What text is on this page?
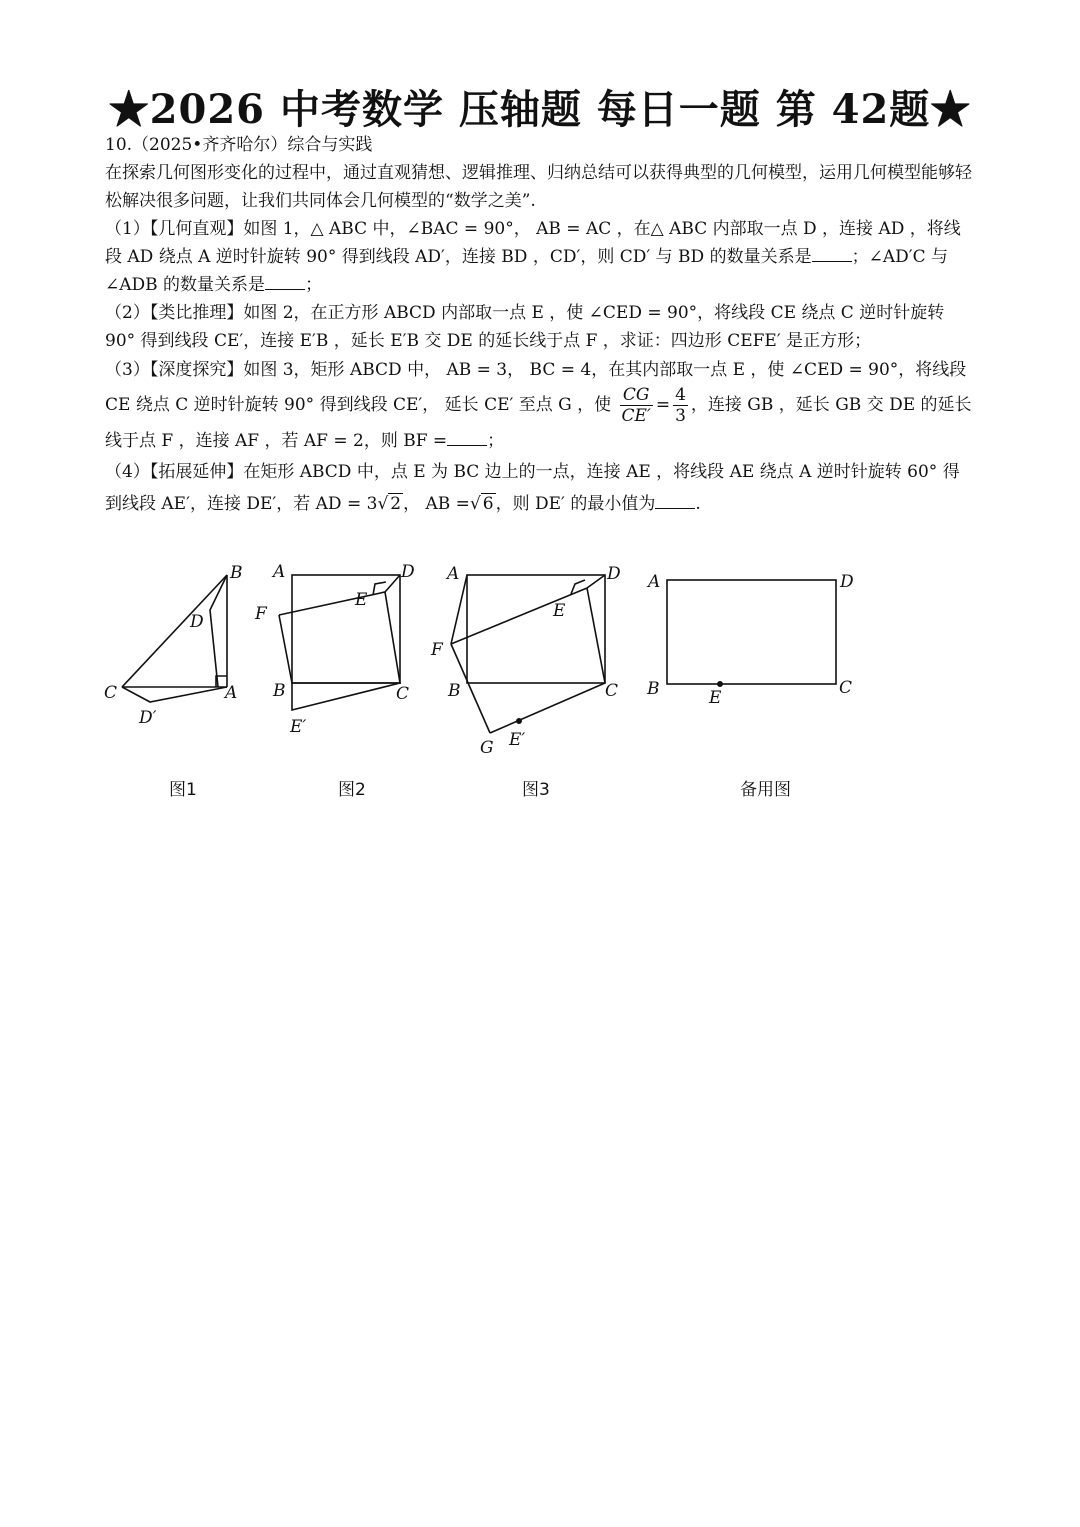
★2026 中考数学 压轴题 每日一题 第 42题★

10.（2025•齐齐哈尔）综合与实践

在探索几何图形变化的过程中，通过直观猜想、逻辑推理、归纳总结可以获得典型的几何模型，运用几何模型能够轻松解决很多问题，让我们共同体会几何模型的“数学之美”.

（1）【几何直观】如图 1，△ ABC 中，∠BAC = 90°， AB = AC ，在△ ABC 内部取一点 D ，连接 AD ，将线段 AD 绕点 A 逆时针旋转 90° 得到线段 AD′，连接 BD ，CD′，则 CD′ 与 BD 的数量关系是 ；∠AD′C 与 ∠ADB 的数量关系是 ；

（2）【类比推理】如图 2，在正方形 ABCD 内部取一点 E ，使 ∠CED = 90°，将线段 CE 绕点 C 逆时针旋转 90° 得到线段 CE′，连接 E′B ，延长 E′B 交 DE 的延长线于点 F ，求证：四边形 CEFE′ 是正方形；

（3）【深度探究】如图 3，矩形 ABCD 中， AB = 3， BC = 4，在其内部取一点 E ，使 ∠CED = 90°，将线段 CE 绕点 C 逆时针旋转 90° 得到线段 CE′， 延长 CE′ 至点 G ，使 $\frac{CG}{CE'} = \frac{4}{3}$ ，连接 GB ，延长 GB 交 DE 的延长线于点 F ，连接 AF ，若 AF = 2，则 BF = ；

（4）【拓展延伸】在矩形 ABCD 中，点 E 为 BC 边上的一点，连接 AE ，将线段 AE 绕点 A 逆时针旋转 60° 得到线段 AE′，连接 DE′，若 AD = 3√ 2 ， AB =√ 6 ，则 DE′ 的最小值为 .

B
D
C	A
D′
A	D
E
F
B	C
E′
A	D
E
F
B	C
G E′
A	D
B	C
E
图1	图2	图3	备用图
